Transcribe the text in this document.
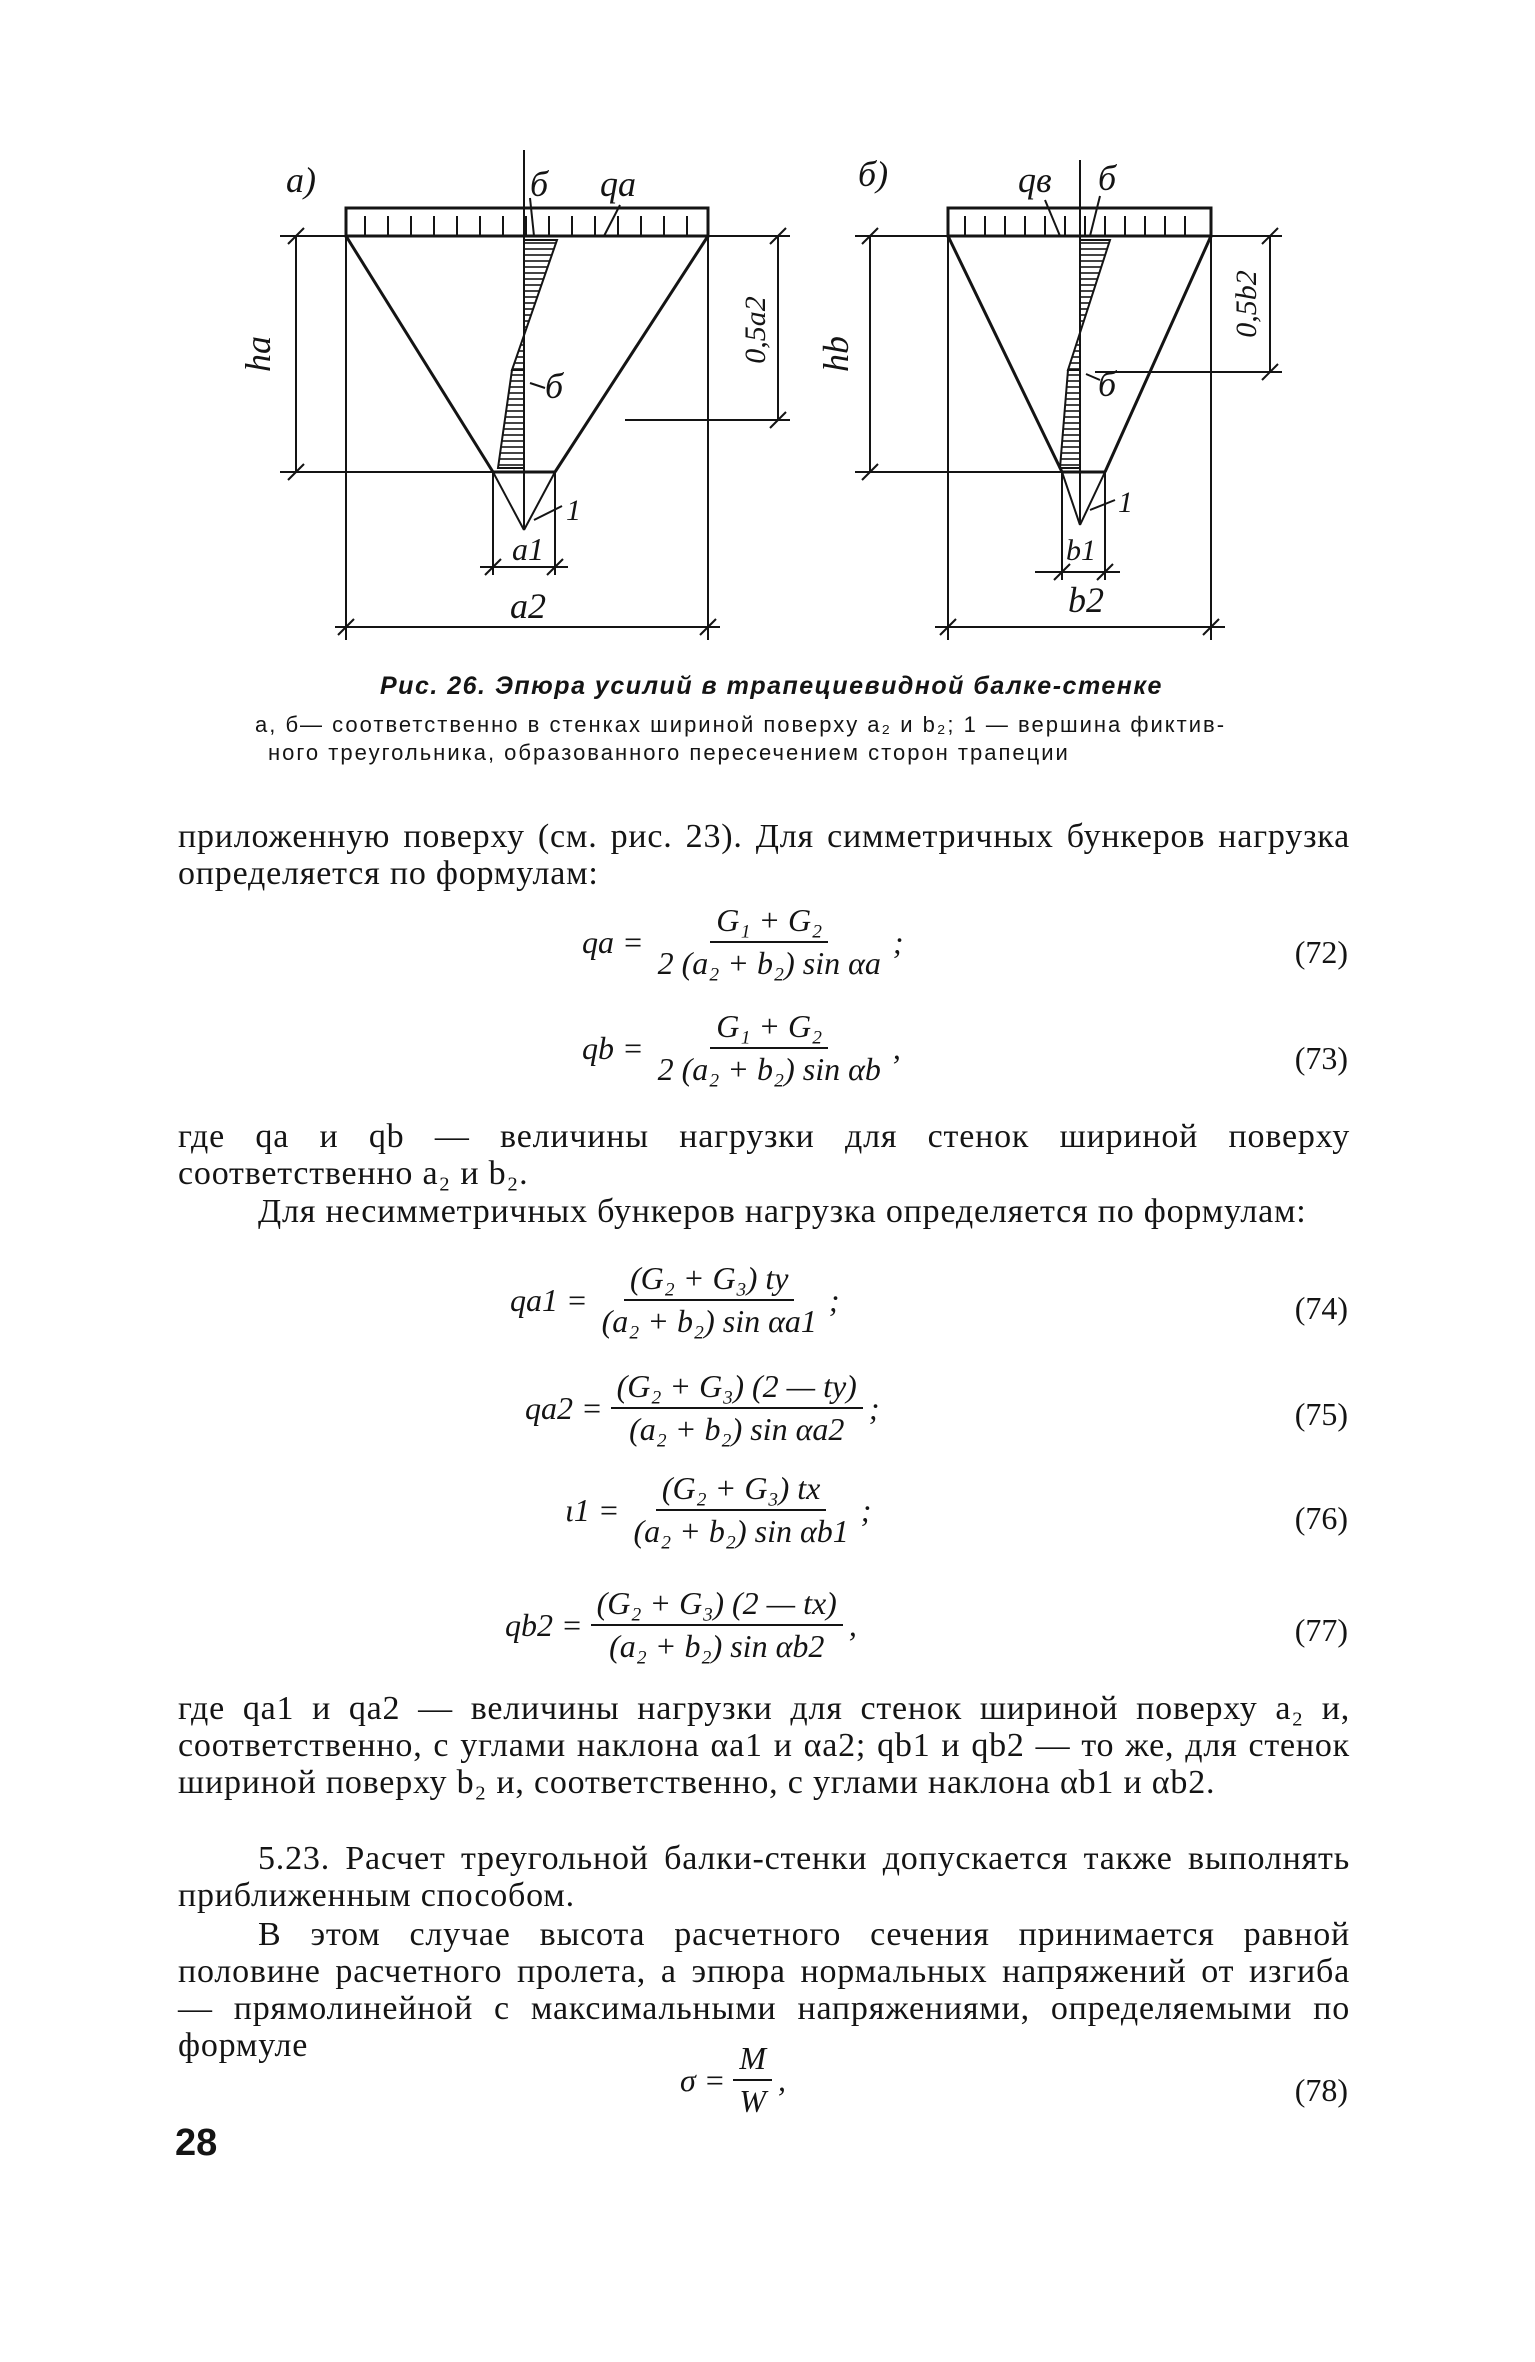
а)	б qa
ha	0,5a2
б
1
a1
a2
б)	qв б
hb
0,5b2
б
1
b1
b2
Рис. 26. Эпюра усилий в трапециевидной балке-стенке
а, б— соответственно в стенках шириной поверху a₂ и b₂; 1 — вершина фиктив-
ного треугольника, образованного пересечением сторон трапеции
приложенную поверху (см. рис. 23). Для симметричных бункеров нагрузка определяется по формулам:
qa = $\frac{\text{G₁ + G₂}}{\text{2 (a₂ + b₂) sin αa}}$ ;	(72)
qb = $\frac{\text{G₁ + G₂}}{\text{2 (a₂ + b₂) sin αb}}$ ,	(73)
где qa и qb — величины нагрузки для стенок шириной поверху соответственно a₂ и b₂.
Для несимметричных бункеров нагрузка определяется по формулам:
$qa1 = \frac{\text{(G₂ + G₃) ty}}{\text{(a₂ + b₂) sin αa1}}$ ;	(74)
$qa2 = \frac{\text{(G₂ + G₃) (2 — ty)}}{\text{(a₂ + b₂) sin αa2}}$ ;	(75)
$\iota 1 = \frac{\text{(G₂ + G₃) tx}}{\text{(a₂ + b₂) sin αb1}}$ ;	(76)
$qb2 = \frac{\text{(G₂ + G₃) (2 — tx)}}{\text{(a₂ + b₂) sin αb2}}$ ,	(77)
где qa1 и qa2 — величины нагрузки для стенок шириной поверху a₂ и, соответственно, с углами наклона αa1 и αa2; qb1 и qb2 — то же, для стенок шириной поверху b₂ и, соответственно, с углами наклона αb1 и αb2.
5.23. Расчет треугольной балки-стенки допускается также выполнять приближенным способом.
В этом случае высота расчетного сечения принимается равной половине расчетного пролета, а эпюра нормальных напряжений от изгиба — прямолинейной с максимальными напряжениями, определяемыми по формуле
$\sigma = \frac{M}{W}$ ,	(78)
28
